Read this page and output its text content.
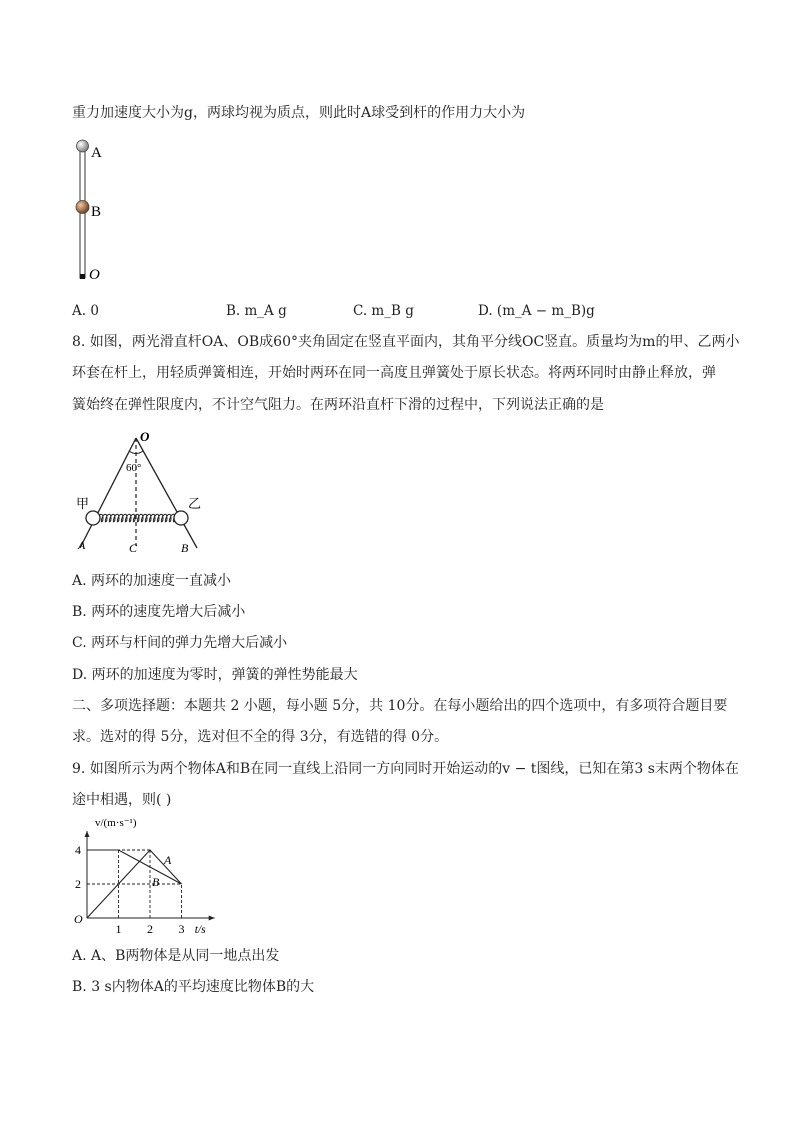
重力加速度大小为g，两球均视为质点，则此时A球受到杆的作用力大小为
A
B
O
A. 0	B. m_A g	C. m_B g	D. (m_A − m_B)g
8. 如图，两光滑直杆OA、OB成60°夹角固定在竖直平面内，其角平分线OC竖直。质量均为m的甲、乙两小
环套在杆上，用轻质弹簧相连，开始时两环在同一高度且弹簧处于原长状态。将两环同时由静止释放，弹
簧始终在弹性限度内，不计空气阻力。在两环沿直杆下滑的过程中，下列说法正确的是
O
60°
甲	乙
A	C	B
A. 两环的加速度一直减小
B. 两环的速度先增大后减小
C. 两环与杆间的弹力先增大后减小
D. 两环的加速度为零时，弹簧的弹性势能最大
二、多项选择题：本题共 2 小题，每小题 5分，共 10分。在每小题给出的四个选项中，有多项符合题目要
求。选对的得 5分，选对但不全的得 3分，有选错的得 0分。
9. 如图所示为两个物体A和B在同一直线上沿同一方向同时开始运动的v − t图线，已知在第3 s末两个物体在
途中相遇，则( )
A
B
1 2 3
2
4
O
t/s
v/(m·s⁻¹)
A. A、B两物体是从同一地点出发
B. 3 s内物体A的平均速度比物体B的大
